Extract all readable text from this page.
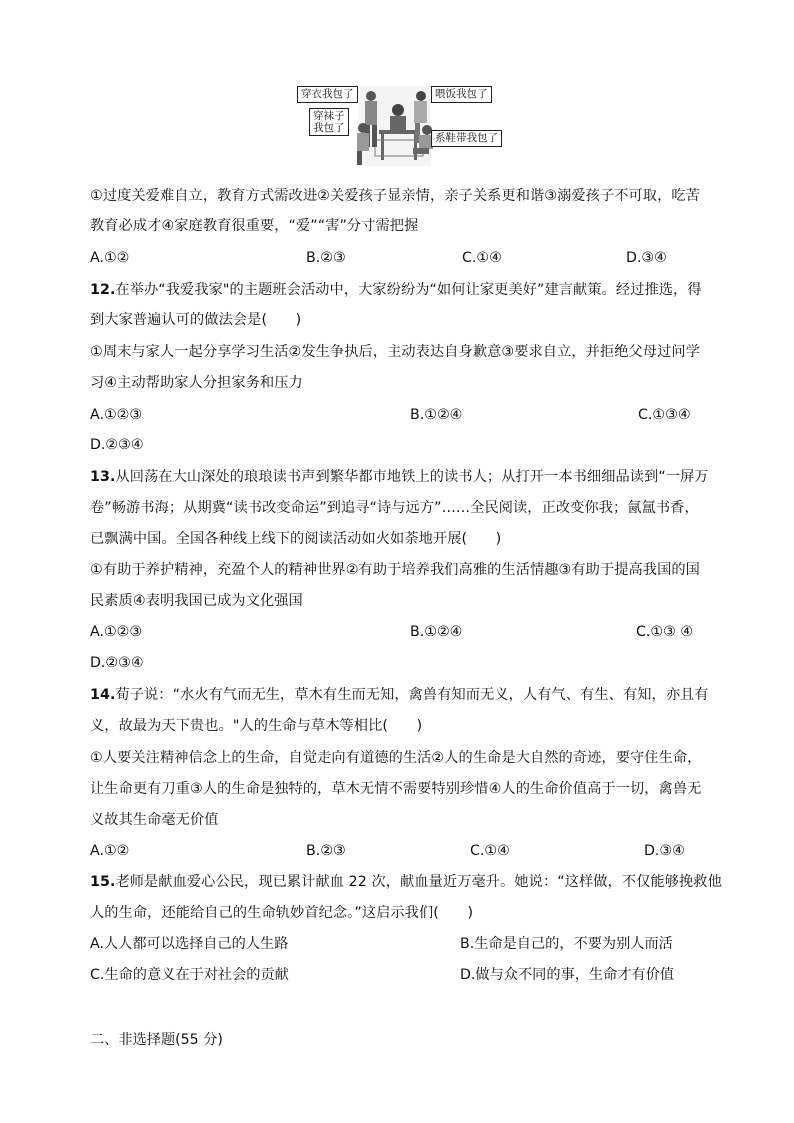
穿衣我包了	喂饭我包了
穿袜子
我包了
系鞋带我包了
①过度关爱难自立，教育方式需改进②关爱孩子显亲情，亲子关系更和谐③溺爱孩子不可取，吃苦
教育必成才④家庭教育很重要，“爱”“害”分寸需把握
A.①②	B.②③	C.①④	D.③④
12.在举办“我爱我家"的主题班会活动中，大家纷纷为“如何让家更美好”建言献策。经过推选，得
到大家普遍认可的做法会是(　　)
①周末与家人一起分享学习生活②发生争执后，主动表达自身歉意③要求自立，并拒绝父母过问学
习④主动帮助家人分担家务和压力
A.①②③	B.①②④	C.①③④
D.②③④
13.从回荡在大山深处的琅琅读书声到繁华都市地铁上的读书人；从打开一本书细细品读到“一屏万
卷”畅游书海；从期冀“读书改变命运”到追寻“诗与远方”……全民阅读，正改变你我；氤氲书香，
已飘满中国。全国各种线上线下的阅读活动如火如荼地开展(　　)
①有助于养护精神，充盈个人的精神世界②有助于培养我们高雅的生活情趣③有助于提高我国的国
民素质④表明我国已成为文化强国
A.①②③	B.①②④	C.①③ ④
D.②③④
14.荀子说：“水火有气而无生，草木有生而无知，禽兽有知而无义，人有气、有生、有知，亦且有
义，故最为天下贵也。"人的生命与草木等相比(　　)
①人要关注精神信念上的生命，自觉走向有道德的生活②人的生命是大自然的奇迹，要守住生命，
让生命更有刀重③人的生命是独特的，草木无情不需要特别珍惜④人的生命价值高于一切，禽兽无
义故其生命毫无价值
A.①②	B.②③	C.①④	D.③④
15.老师是献血爱心公民，现已累计献血 22 次，献血量近万毫升。她说：“这样做，不仅能够挽救他
人的生命，还能给自己的生命轨妙首纪念。”这启示我们(　　)
A.人人都可以选择自己的人生路	B.生命是自己的，不要为别人而活
C.生命的意义在于对社会的贡献	D.做与众不同的事，生命才有价值
二、非选择题(55 分)
